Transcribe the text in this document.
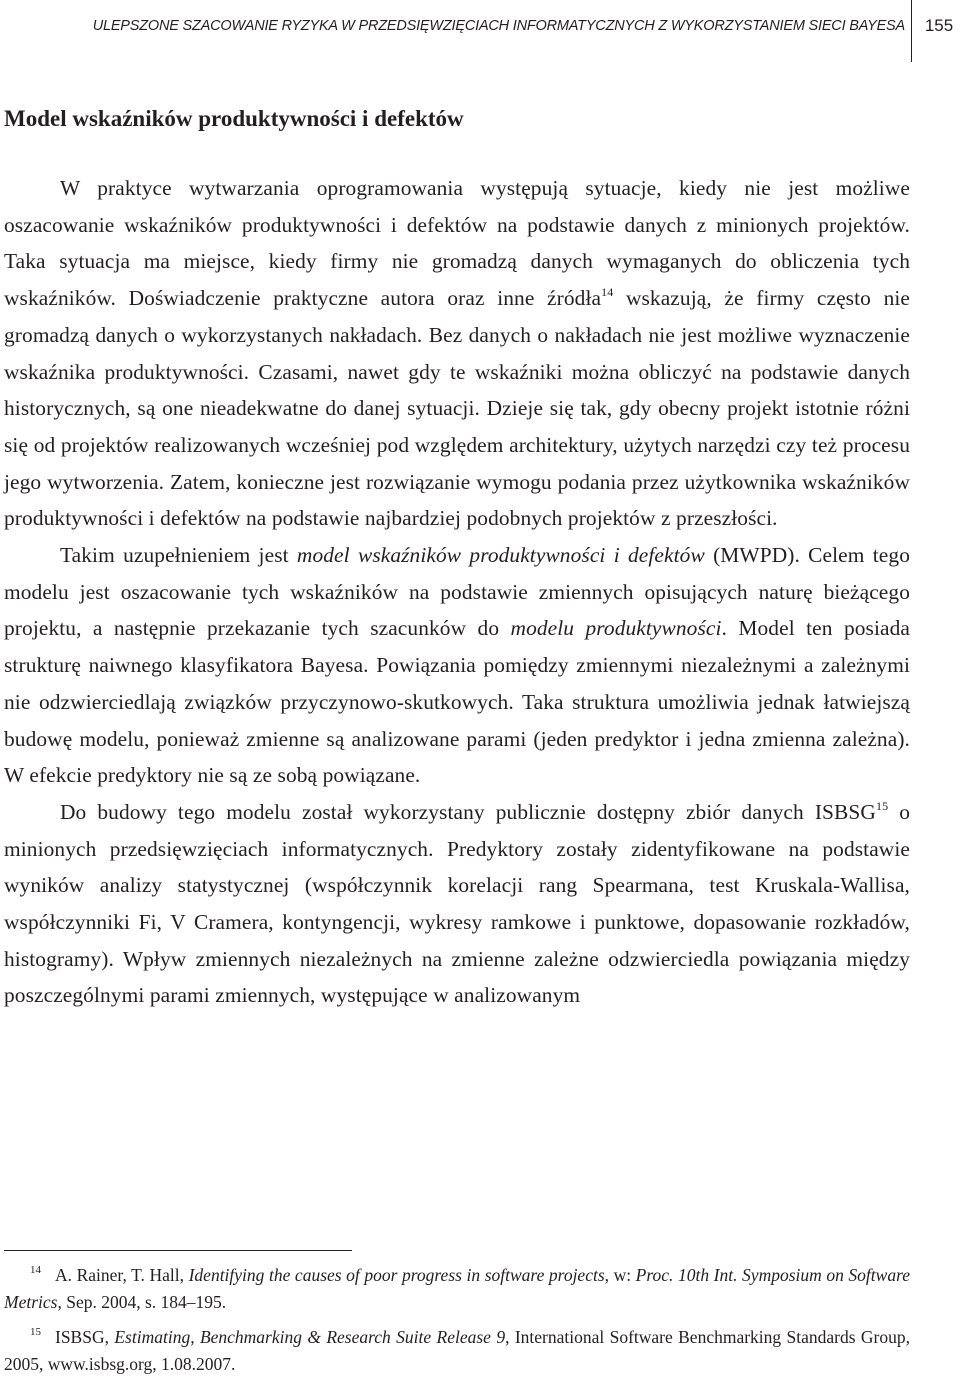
ULEPSZONE SZACOWANIE RYZYKA W PRZEDSIĘWZIĘCIACH INFORMATYCZNYCH Z WYKORZYSTANIEM SIECI BAYESA	155
Model wskaźników produktywności i defektów

W praktyce wytwarzania oprogramowania występują sytuacje, kiedy nie jest możliwe oszacowanie wskaźników produktywności i defektów na podstawie danych z minionych projektów. Taka sytuacja ma miejsce, kiedy firmy nie gromadzą danych wymaganych do obliczenia tych wskaźników. Doświadczenie praktyczne autora oraz inne źródła$^{14}$ wskazują, że firmy często nie gromadzą danych o wykorzystanych nakładach. Bez danych o nakładach nie jest możliwe wyznaczenie wskaźnika produktywności. Czasami, nawet gdy te wskaźniki można obliczyć na podstawie danych historycznych, są one nieadekwatne do danej sytuacji. Dzieje się tak, gdy obecny projekt istotnie różni się od projektów realizowanych wcześniej pod względem architektury, użytych narzędzi czy też procesu jego wytworzenia. Zatem, konieczne jest rozwiązanie wymogu podania przez użytkownika wskaźników produktywności i defektów na podstawie najbardziej podobnych projektów z przeszłości.

Takim uzupełnieniem jest model wskaźników produktywności i defektów (MWPD). Celem tego modelu jest oszacowanie tych wskaźników na podstawie zmiennych opisujących naturę bieżącego projektu, a następnie przekazanie tych szacunków do modelu produktywności. Model ten posiada strukturę naiwnego klasyfikatora Bayesa. Powiązania pomiędzy zmiennymi niezależnymi a zależnymi nie odzwierciedlają związków przyczynowo-skutkowych. Taka struktura umożliwia jednak łatwiejszą budowę modelu, ponieważ zmienne są analizowane parami (jeden predyktor i jedna zmienna zależna). W efekcie predyktory nie są ze sobą powiązane.

Do budowy tego modelu został wykorzystany publicznie dostępny zbiór danych ISBSG$^{15}$ o minionych przedsięwzięciach informatycznych. Predyktory zostały zidentyfikowane na podstawie wyników analizy statystycznej (współczynnik korelacji rang Spearmana, test Kruskala-Wallisa, współczynniki Fi, V Cramera, kontyngencji, wykresy ramkowe i punktowe, dopasowanie rozkładów, histogramy). Wpływ zmiennych niezależnych na zmienne zależne odzwierciedla powiązania między poszczególnymi parami zmiennych, występujące w analizowanym

$^{14}$ A. Rainer, T. Hall, Identifying the causes of poor progress in software projects, w: Proc. 10th Int. Symposium on Software Metrics, Sep. 2004, s. 184–195.

$^{15}$ ISBSG, Estimating, Benchmarking & Research Suite Release 9, International Software Benchmarking Standards Group, 2005, www.isbsg.org, 1.08.2007.
